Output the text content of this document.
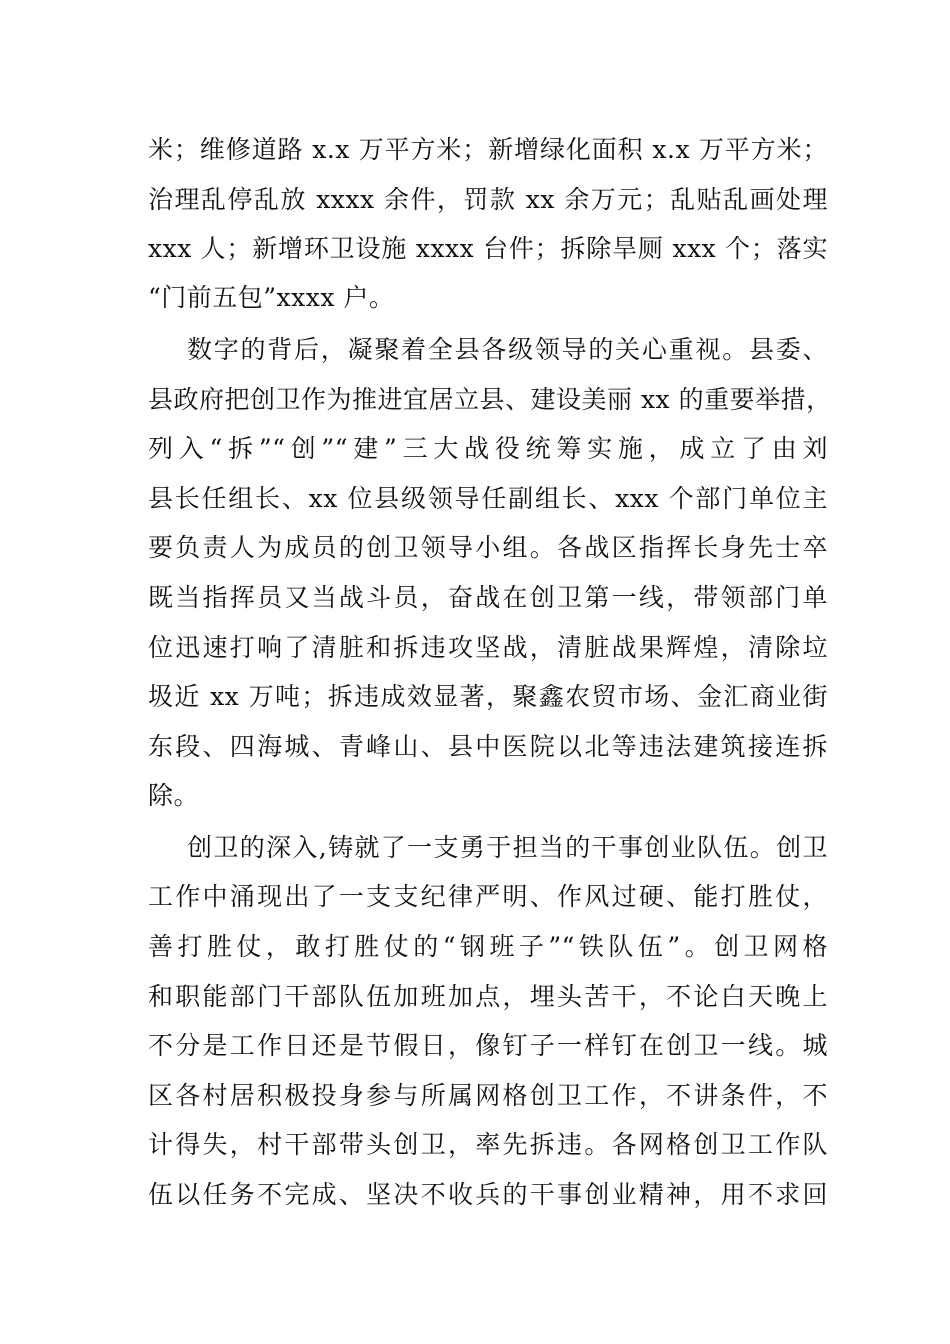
米；维修道路 x.x 万平方米；新增绿化面积 x.x 万平方米；

治理乱停乱放 xxxx 余件，罚款 xx 余万元；乱贴乱画处理

xxx 人；新增环卫设施 xxxx 台件；拆除旱厕 xxx 个；落实

“门前五包”xxxx 户。

数字的背后，凝聚着全县各级领导的关心重视。县委、

县政府把创卫作为推进宜居立县、建设美丽 xx 的重要举措，

列入“拆”“创”“建”三大战役统筹实施，成立了由刘

县长任组长、xx 位县级领导任副组长、xxx 个部门单位主

要负责人为成员的创卫领导小组。各战区指挥长身先士卒

既当指挥员又当战斗员，奋战在创卫第一线，带领部门单

位迅速打响了清脏和拆违攻坚战，清脏战果辉煌，清除垃

圾近 xx 万吨；拆违成效显著，聚鑫农贸市场、金汇商业街

东段、四海城、青峰山、县中医院以北等违法建筑接连拆

除。

创卫的深入,铸就了一支勇于担当的干事创业队伍。创卫

工作中涌现出了一支支纪律严明、作风过硬、能打胜仗，

善打胜仗，敢打胜仗的“钢班子”“铁队伍”。创卫网格

和职能部门干部队伍加班加点，埋头苦干，不论白天晚上

不分是工作日还是节假日，像钉子一样钉在创卫一线。城

区各村居积极投身参与所属网格创卫工作，不讲条件，不

计得失，村干部带头创卫，率先拆违。各网格创卫工作队

伍以任务不完成、坚决不收兵的干事创业精神，用不求回
